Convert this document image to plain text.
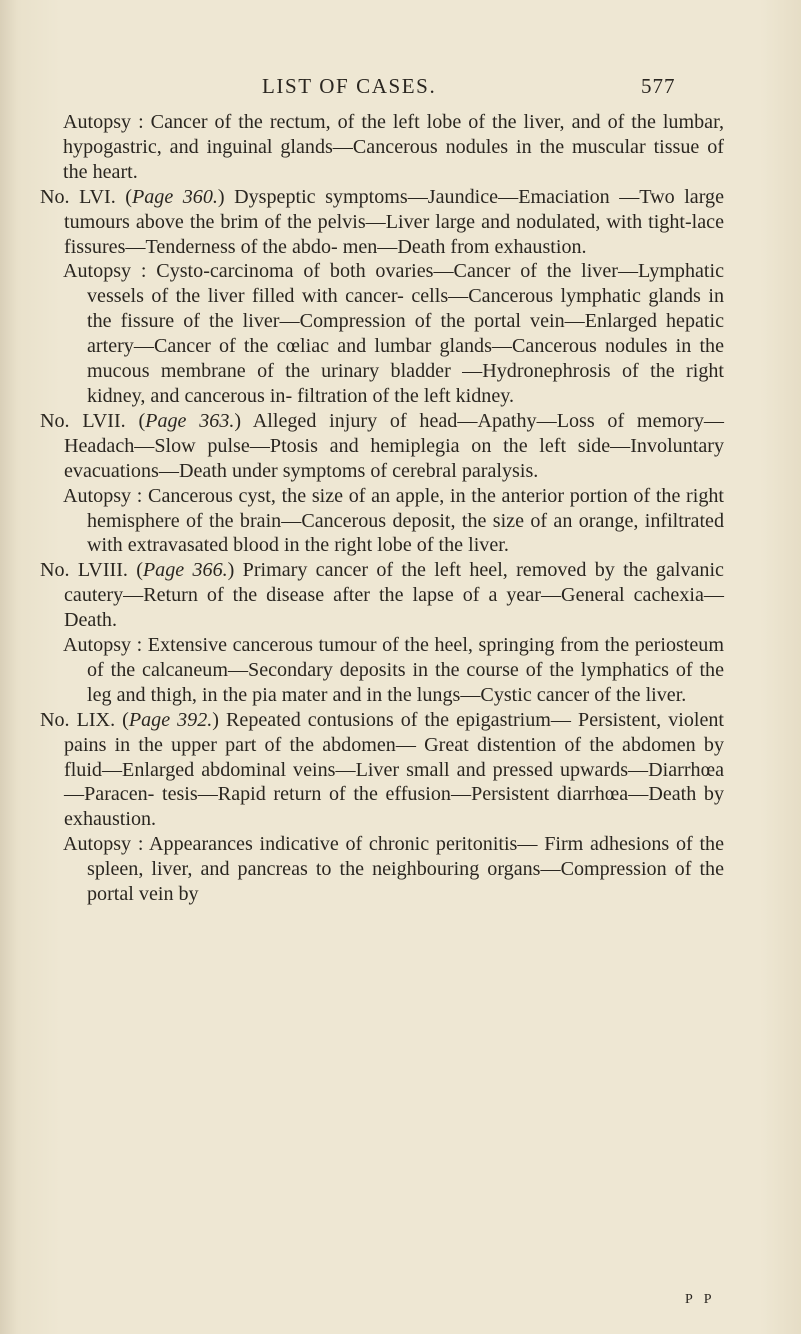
LIST OF CASES.	577

Autopsy : Cancer of the rectum, of the left lobe of the liver, and of the lumbar, hypogastric, and inguinal glands—Cancerous nodules in the muscular tissue of the heart.

No. LVI. (Page 360.) Dyspeptic symptoms—Jaundice—Emaciation —Two large tumours above the brim of the pelvis—Liver large and nodulated, with tight-lace fissures—Tenderness of the abdo- men—Death from exhaustion.

Autopsy : Cysto-carcinoma of both ovaries—Cancer of the liver—Lymphatic vessels of the liver filled with cancer- cells—Cancerous lymphatic glands in the fissure of the liver—Compression of the portal vein—Enlarged hepatic artery—Cancer of the cœliac and lumbar glands—Cancerous nodules in the mucous membrane of the urinary bladder —Hydronephrosis of the right kidney, and cancerous in- filtration of the left kidney.

No. LVII. (Page 363.) Alleged injury of head—Apathy—Loss of memory—Headach—Slow pulse—Ptosis and hemiplegia on the left side—Involuntary evacuations—Death under symptoms of cerebral paralysis.

Autopsy : Cancerous cyst, the size of an apple, in the anterior portion of the right hemisphere of the brain—Cancerous deposit, the size of an orange, infiltrated with extravasated blood in the right lobe of the liver.

No. LVIII. (Page 366.) Primary cancer of the left heel, removed by the galvanic cautery—Return of the disease after the lapse of a year—General cachexia—Death.

Autopsy : Extensive cancerous tumour of the heel, springing from the periosteum of the calcaneum—Secondary deposits in the course of the lymphatics of the leg and thigh, in the pia mater and in the lungs—Cystic cancer of the liver.

No. LIX. (Page 392.) Repeated contusions of the epigastrium— Persistent, violent pains in the upper part of the abdomen— Great distention of the abdomen by fluid—Enlarged abdominal veins—Liver small and pressed upwards—Diarrhœa—Paracen- tesis—Rapid return of the effusion—Persistent diarrhœa—Death by exhaustion.

Autopsy : Appearances indicative of chronic peritonitis— Firm adhesions of the spleen, liver, and pancreas to the neighbouring organs—Compression of the portal vein by

P P
